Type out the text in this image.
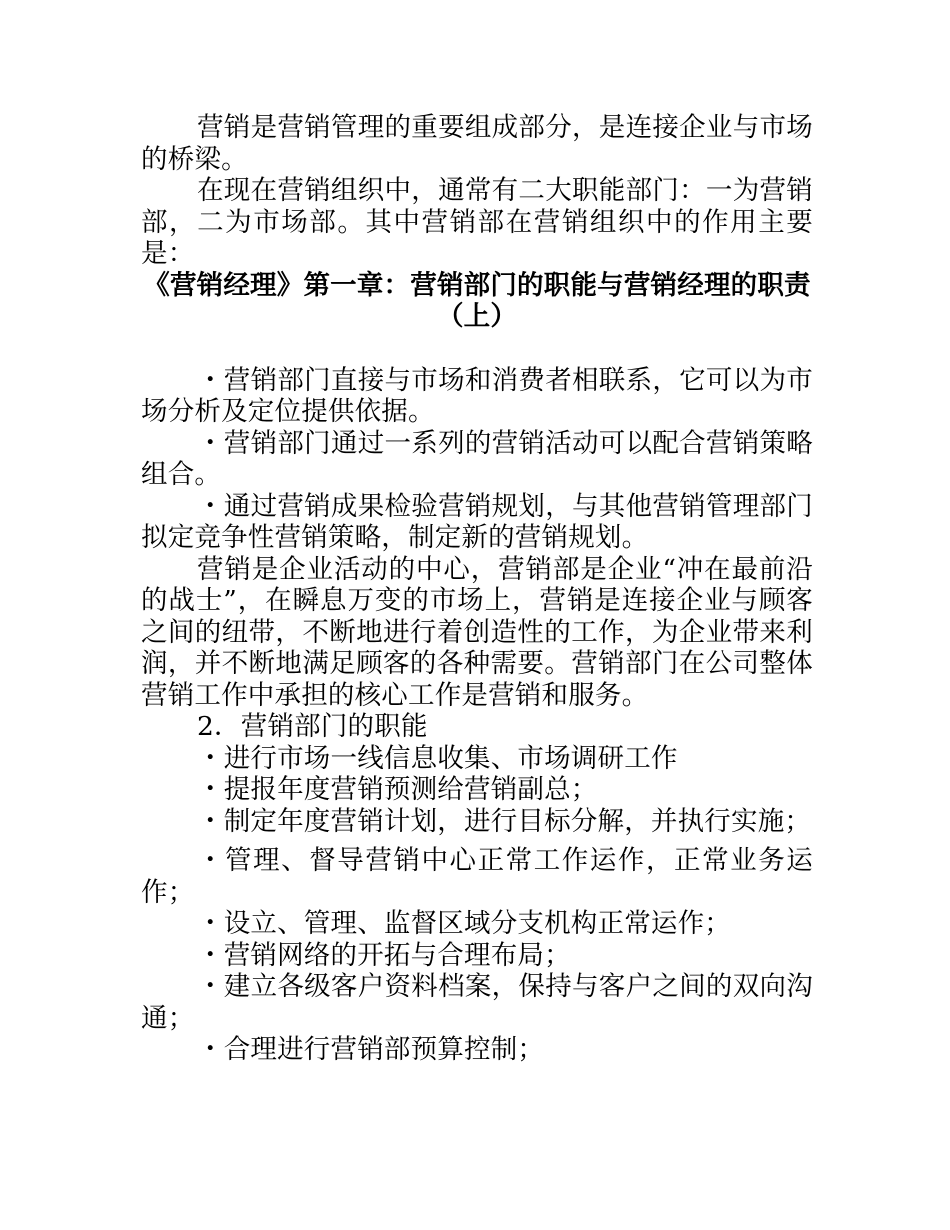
营销是营销管理的重要组成部分，是连接企业与市场的桥梁。

在现在营销组织中，通常有二大职能部门：一为营销部，二为市场部。其中营销部在营销组织中的作用主要是：

《营销经理》第一章：营销部门的职能与营销经理的职责（上）

・营销部门直接与市场和消费者相联系，它可以为市场分析及定位提供依据。

・营销部门通过一系列的营销活动可以配合营销策略组合。

・通过营销成果检验营销规划，与其他营销管理部门拟定竞争性营销策略，制定新的营销规划。

营销是企业活动的中心，营销部是企业“冲在最前沿的战士”，在瞬息万变的市场上，营销是连接企业与顾客之间的纽带，不断地进行着创造性的工作，为企业带来利润，并不断地满足顾客的各种需要。营销部门在公司整体营销工作中承担的核心工作是营销和服务。

2．营销部门的职能

・进行市场一线信息收集、市场调研工作

・提报年度营销预测给营销副总；

・制定年度营销计划，进行目标分解，并执行实施；

・管理、督导营销中心正常工作运作，正常业务运作；

・设立、管理、监督区域分支机构正常运作；

・营销网络的开拓与合理布局；

・建立各级客户资料档案，保持与客户之间的双向沟通；

・合理进行营销部预算控制；
